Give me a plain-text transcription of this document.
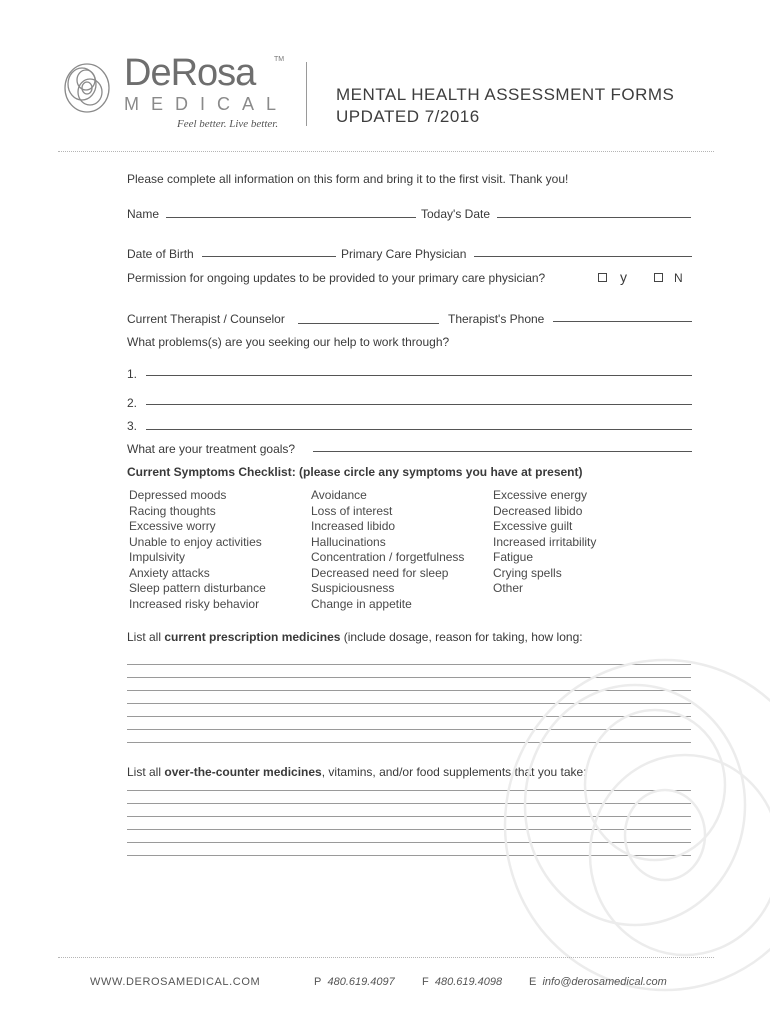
DeRosa	TM
MEDICAL
Feel better. Live better.
MENTAL HEALTH ASSESSMENT FORMS
UPDATED 7/2016
Please complete all information on this form and bring it to the first visit. Thank you!
Name	Today's Date
Date of Birth	Primary Care Physician
Permission for ongoing updates to be provided to your primary care physician?	y	N
Current Therapist / Counselor	Therapist's Phone
What problems(s) are you seeking our help to work through?
1.
2.
3.
What are your treatment goals?
Current Symptoms Checklist: (please circle any symptoms you have at present)
Depressed moods
Racing thoughts
Excessive worry
Unable to enjoy activities
Impulsivity
Anxiety attacks
Sleep pattern disturbance
Increased risky behavior
Avoidance
Loss of interest
Increased libido
Hallucinations
Concentration / forgetfulness
Decreased need for sleep
Suspiciousness
Change in appetite
Excessive energy
Decreased libido
Excessive guilt
Increased irritability
Fatigue
Crying spells
Other
List all current prescription medicines (include dosage, reason for taking, how long:
List all over-the-counter medicines, vitamins, and/or food supplements that you take:
WWW.DEROSAMEDICAL.COM	P 480.619.4097 F 480.619.4098 E info@derosamedical.com
